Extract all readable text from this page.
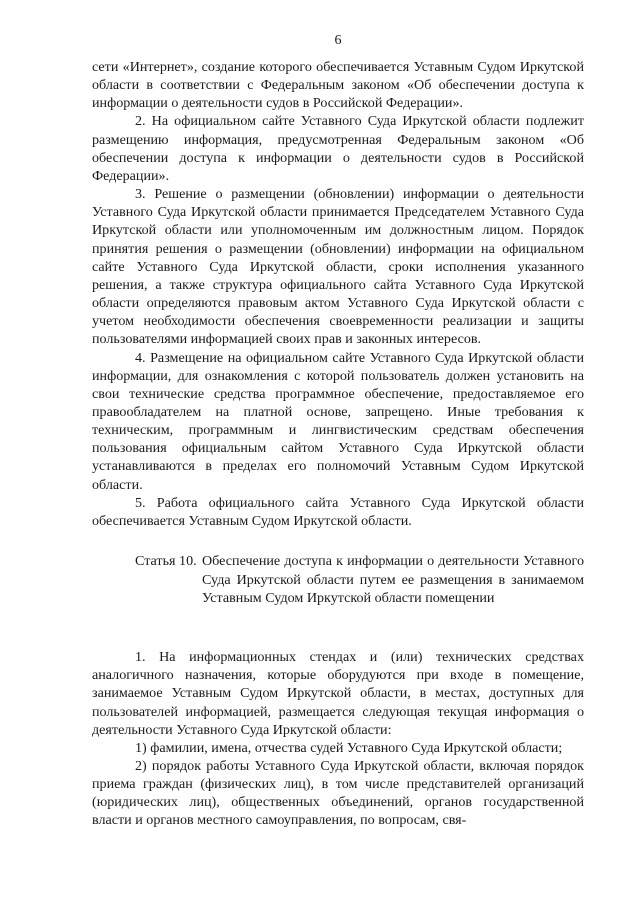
6

сети «Интернет», создание которого обеспечивается Уставным Судом Иркутской области в соответствии с Федеральным законом «Об обеспечении доступа к информации о деятельности судов в Российской Федерации».

2. На официальном сайте Уставного Суда Иркутской области подлежит размещению информация, предусмотренная Федеральным законом «Об обеспечении доступа к информации о деятельности судов в Российской Федерации».

3. Решение о размещении (обновлении) информации о деятельности Уставного Суда Иркутской области принимается Председателем Уставного Суда Иркутской области или уполномоченным им должностным лицом. Порядок принятия решения о размещении (обновлении) информации на официальном сайте Уставного Суда Иркутской области, сроки исполнения указанного решения, а также структура официального сайта Уставного Суда Иркутской области определяются правовым актом Уставного Суда Иркутской области с учетом необходимости обеспечения своевременности реализации и защиты пользователями информацией своих прав и законных интересов.

4. Размещение на официальном сайте Уставного Суда Иркутской области информации, для ознакомления с которой пользователь должен установить на свои технические средства программное обеспечение, предоставляемое его правообладателем на платной основе, запрещено. Иные требования к техническим, программным и лингвистическим средствам обеспечения пользования официальным сайтом Уставного Суда Иркутской области устанавливаются в пределах его полномочий Уставным Судом Иркутской области.

5. Работа официального сайта Уставного Суда Иркутской области обеспечивается Уставным Судом Иркутской области.

Статья 10. Обеспечение доступа к информации о деятельности Уставного Суда Иркутской области путем ее размещения в занимаемом Уставным Судом Иркутской области помещении

1. На информационных стендах и (или) технических средствах аналогичного назначения, которые оборудуются при входе в помещение, занимаемое Уставным Судом Иркутской области, в местах, доступных для пользователей информацией, размещается следующая текущая информация о деятельности Уставного Суда Иркутской области:

1) фамилии, имена, отчества судей Уставного Суда Иркутской области;

2) порядок работы Уставного Суда Иркутской области, включая порядок приема граждан (физических лиц), в том числе представителей организаций (юридических лиц), общественных объединений, органов государственной власти и органов местного самоуправления, по вопросам, свя-
